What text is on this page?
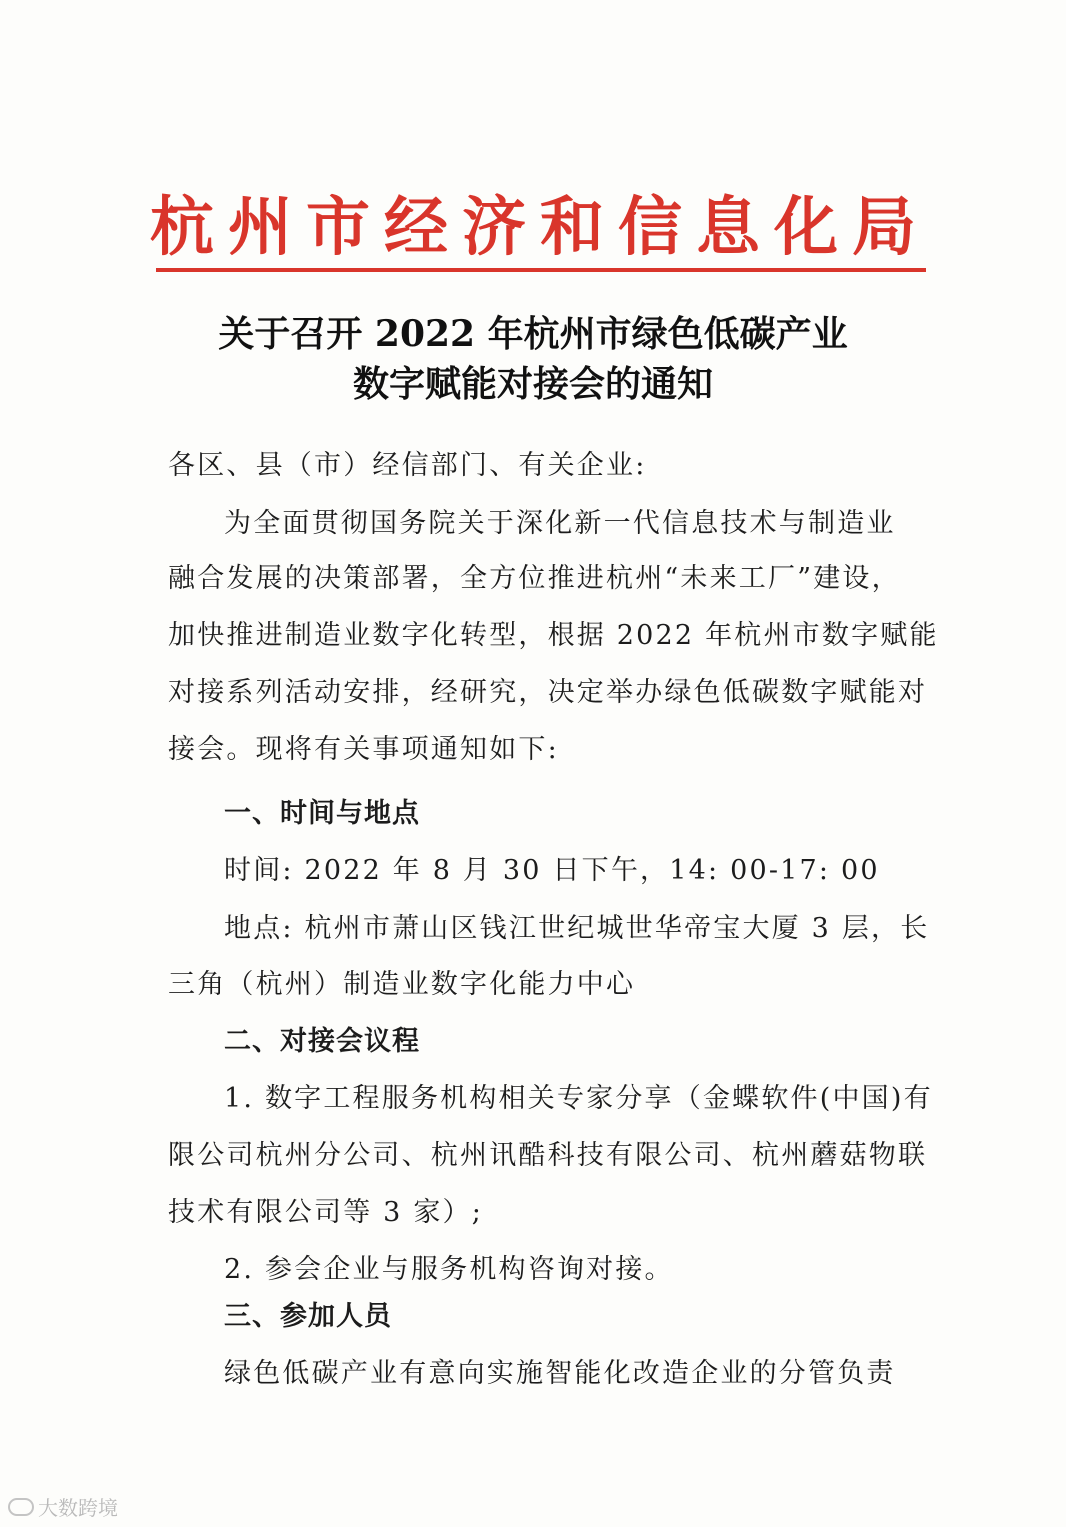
杭州市经济和信息化局
关于召开 2022 年杭州市绿色低碳产业
数字赋能对接会的通知
各区、县（市）经信部门、有关企业:
为全面贯彻国务院关于深化新一代信息技术与制造业
融合发展的决策部署，全方位推进杭州“未来工厂”建设，
加快推进制造业数字化转型，根据 2022 年杭州市数字赋能
对接系列活动安排，经研究，决定举办绿色低碳数字赋能对
接会。现将有关事项通知如下:
一、时间与地点
时间: 2022 年 8 月 30 日下午，14: 00-17: 00
地点: 杭州市萧山区钱江世纪城世华帝宝大厦 3 层，长
三角（杭州）制造业数字化能力中心
二、对接会议程
1. 数字工程服务机构相关专家分享（金蝶软件(中国)有
限公司杭州分公司、杭州讯酷科技有限公司、杭州蘑菇物联
技术有限公司等 3 家）;
2. 参会企业与服务机构咨询对接。
三、参加人员
绿色低碳产业有意向实施智能化改造企业的分管负责
大数跨境
